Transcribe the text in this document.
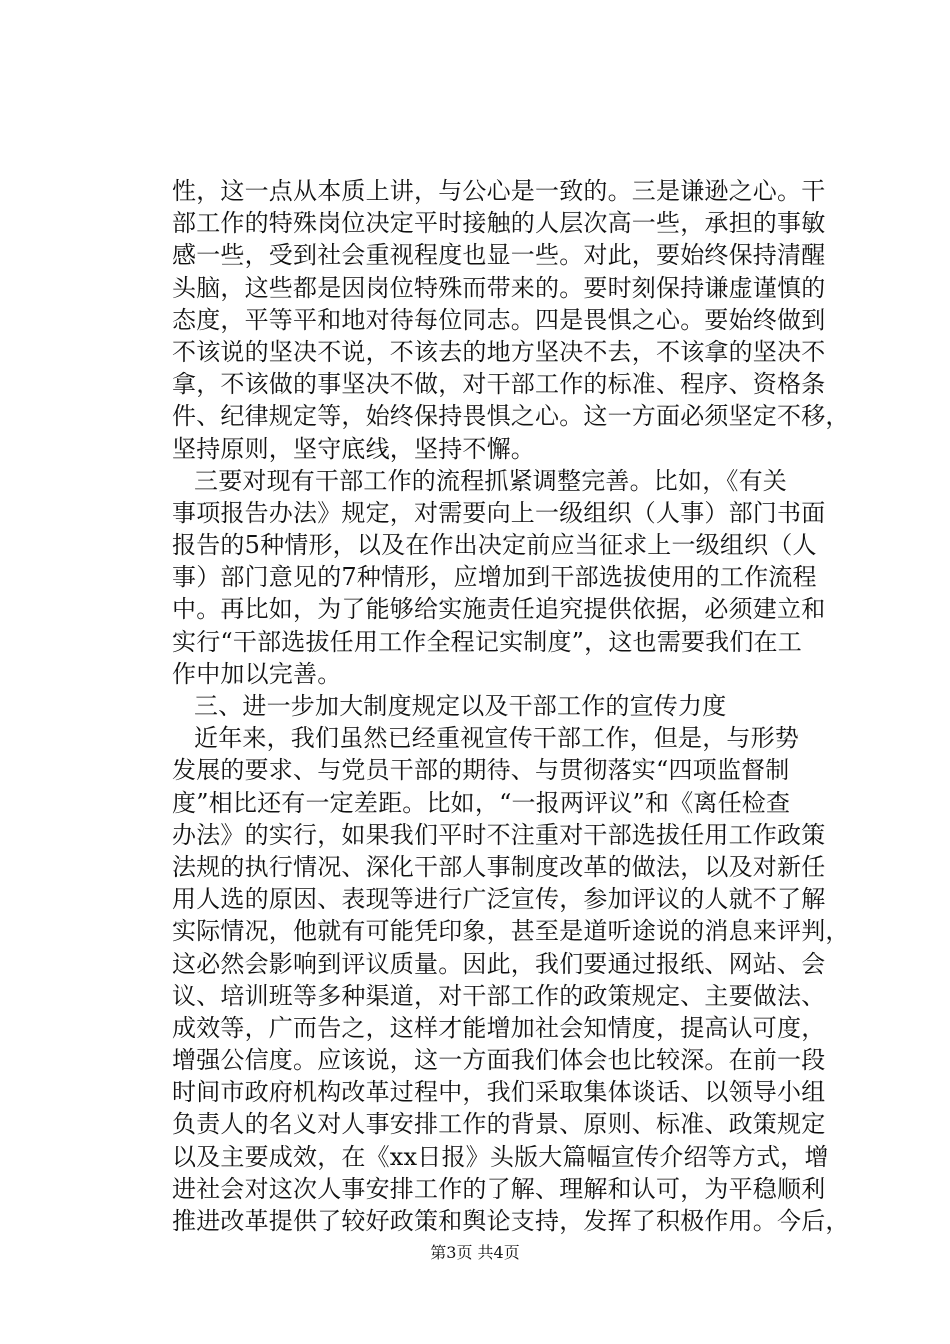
性，这一点从本质上讲，与公心是一致的。三是谦逊之心。干
部工作的特殊岗位决定平时接触的人层次高一些，承担的事敏
感一些，受到社会重视程度也显一些。对此，要始终保持清醒
头脑，这些都是因岗位特殊而带来的。要时刻保持谦虚谨慎的
态度，平等平和地对待每位同志。四是畏惧之心。要始终做到
不该说的坚决不说，不该去的地方坚决不去，不该拿的坚决不
拿，不该做的事坚决不做，对干部工作的标准、程序、资格条
件、纪律规定等，始终保持畏惧之心。这一方面必须坚定不移，
坚持原则，坚守底线，坚持不懈。
三要对现有干部工作的流程抓紧调整完善。比如，《有关
事项报告办法》规定，对需要向上一级组织（人事）部门书面
报告的5种情形，以及在作出决定前应当征求上一级组织（人
事）部门意见的7种情形，应增加到干部选拔使用的工作流程
中。再比如，为了能够给实施责任追究提供依据，必须建立和
实行“干部选拔任用工作全程记实制度”，这也需要我们在工
作中加以完善。
三、进一步加大制度规定以及干部工作的宣传力度
近年来，我们虽然已经重视宣传干部工作，但是，与形势
发展的要求、与党员干部的期待、与贯彻落实“四项监督制
度”相比还有一定差距。比如，“一报两评议”和《离任检查
办法》的实行，如果我们平时不注重对干部选拔任用工作政策
法规的执行情况、深化干部人事制度改革的做法，以及对新任
用人选的原因、表现等进行广泛宣传，参加评议的人就不了解
实际情况，他就有可能凭印象，甚至是道听途说的消息来评判，
这必然会影响到评议质量。因此，我们要通过报纸、网站、会
议、培训班等多种渠道，对干部工作的政策规定、主要做法、
成效等，广而告之，这样才能增加社会知情度，提高认可度，
增强公信度。应该说，这一方面我们体会也比较深。在前一段
时间市政府机构改革过程中，我们采取集体谈话、以领导小组
负责人的名义对人事安排工作的背景、原则、标准、政策规定
以及主要成效，在《xx日报》头版大篇幅宣传介绍等方式，增
进社会对这次人事安排工作的了解、理解和认可，为平稳顺利
推进改革提供了较好政策和舆论支持，发挥了积极作用。今后，
第3页 共4页
